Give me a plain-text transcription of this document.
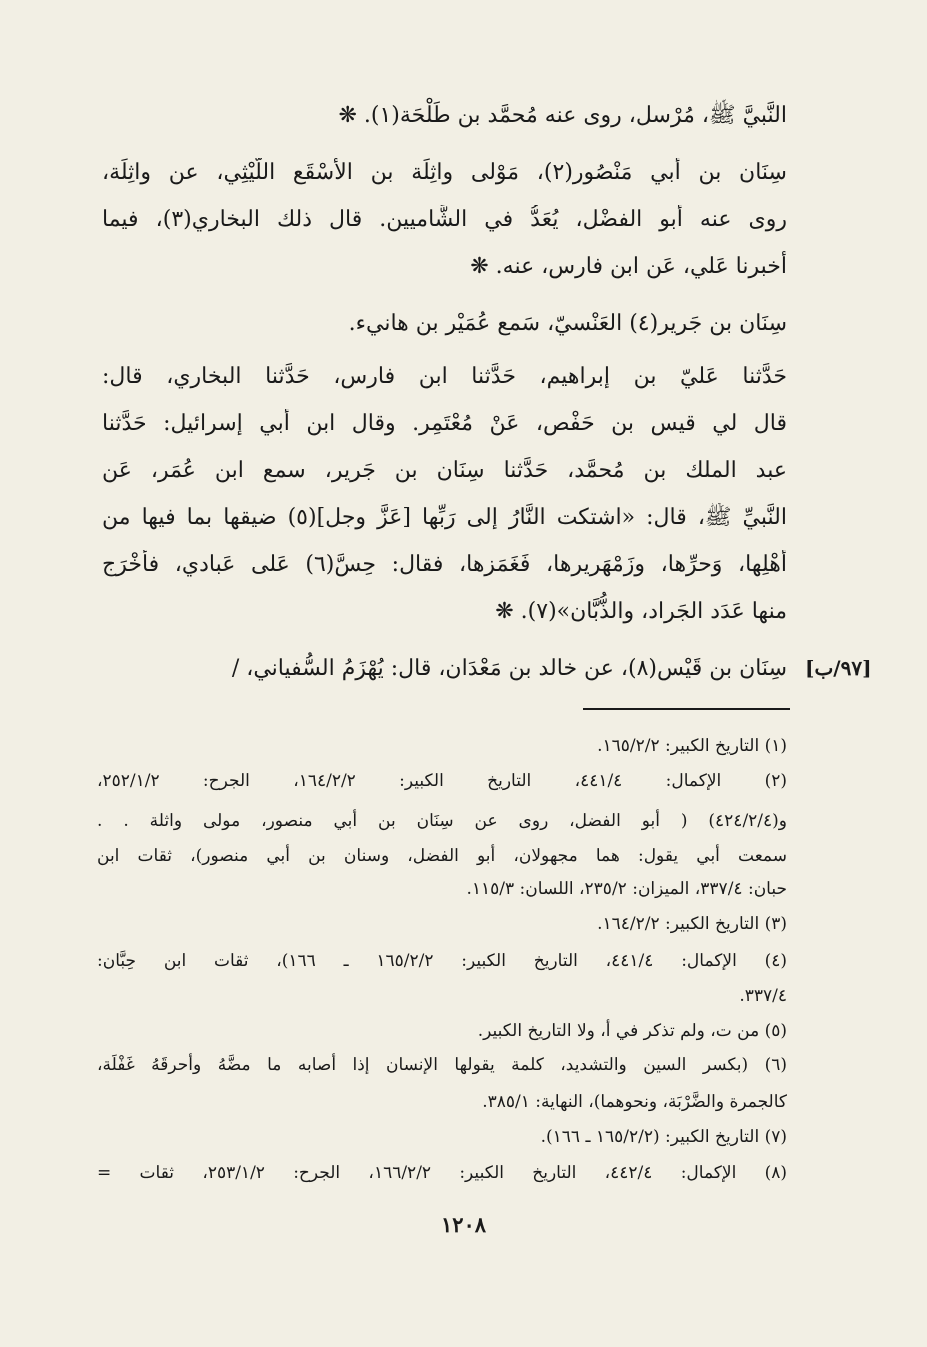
النَّبيَّ ﷺ، مُرْسل، روى عنه مُحمَّد بن طَلْحَة(١). ❋
سِنَان بن أبي مَنْصُور(٢)، مَوْلى واثِلَة بن الأَسْقَع اللَّيْثِي، عن واثِلَة،
روى عنه أبو الفضْل، يُعَدُّ في الشَّاميين. قال ذلك البخاري(٣)، فيما
أخبرنا عَلي، عَن ابن فارس، عنه. ❋
سِنَان بن جَرير(٤) العَنْسيّ، سَمع عُمَيْر بن هانيء.
حَدَّثنا عَليّ بن إبراهيم، حَدَّثنا ابن فارس، حَدَّثنا البخاري، قال:
قال لي قيس بن حَفْص، عَنْ مُعْتَمِر. وقال ابن أبي إسرائيل: حَدَّثنا
عبد الملك بن مُحمَّد، حَدَّثنا سِنَان بن جَرير، سمع ابن عُمَر، عَن
النَّبيِّ ﷺ، قال: «اشتكت النَّارُ إلى رَبِّها [عَزَّ وجل](٥) ضيقها بما فيها من
أهْلِها، وَحرِّها، وزَمْهَريرها، فَغَمَزها، فقال: حِسَّ(٦) عَلى عَبادي، فأخْرَج
منها عَدَد الجَراد، والذُّبَّان»(٧). ❋
سِنَان بن قَيْس(٨)، عن خالد بن مَعْدَان، قال: يُهْزَمُ السُّفياني، / [٩٧/ب]
(١) التاريخ الكبير: ١٦٥/٢/٢.
(٢) الإكمال: ٤٤١/٤، التاريخ الكبير: ١٦٤/٢/٢، الجرح: ٢٥٢/١/٢،
و(٤٢٤/٢/٤) ( أبو الفضل، روى عن سِنَان بن أبي منصور، مولى واثلة . .
سمعت أبي يقول: هما مجهولان، أبو الفضل، وسنان بن أبي منصور)، ثقات ابن
حبان: ٣٣٧/٤، الميزان: ٢٣٥/٢، اللسان: ١١٥/٣.
(٣) التاريخ الكبير: ١٦٤/٢/٢.
(٤) الإكمال: ٤٤١/٤، التاريخ الكبير: ١٦٥/٢/٢ ـ ١٦٦)، ثقات ابن حِبَّان:
٣٣٧/٤.
(٥) من ت، ولم تذكر في أ، ولا التاريخ الكبير.
(٦) (بكسر السين والتشديد، كلمة يقولها الإنسان إذا أصابه ما مضَّهُ وأحرقَهُ غَفْلَة،
كالجمرة والضَّرْبَة، ونحوهما)، النهاية: ٣٨٥/١.
(٧) التاريخ الكبير: (١٦٥/٢/٢ ـ ١٦٦).
(٨) الإكمال: ٤٤٢/٤، التاريخ الكبير: ١٦٦/٢/٢، الجرح: ٢٥٣/١/٢، ثقات =
١٢٠٨
